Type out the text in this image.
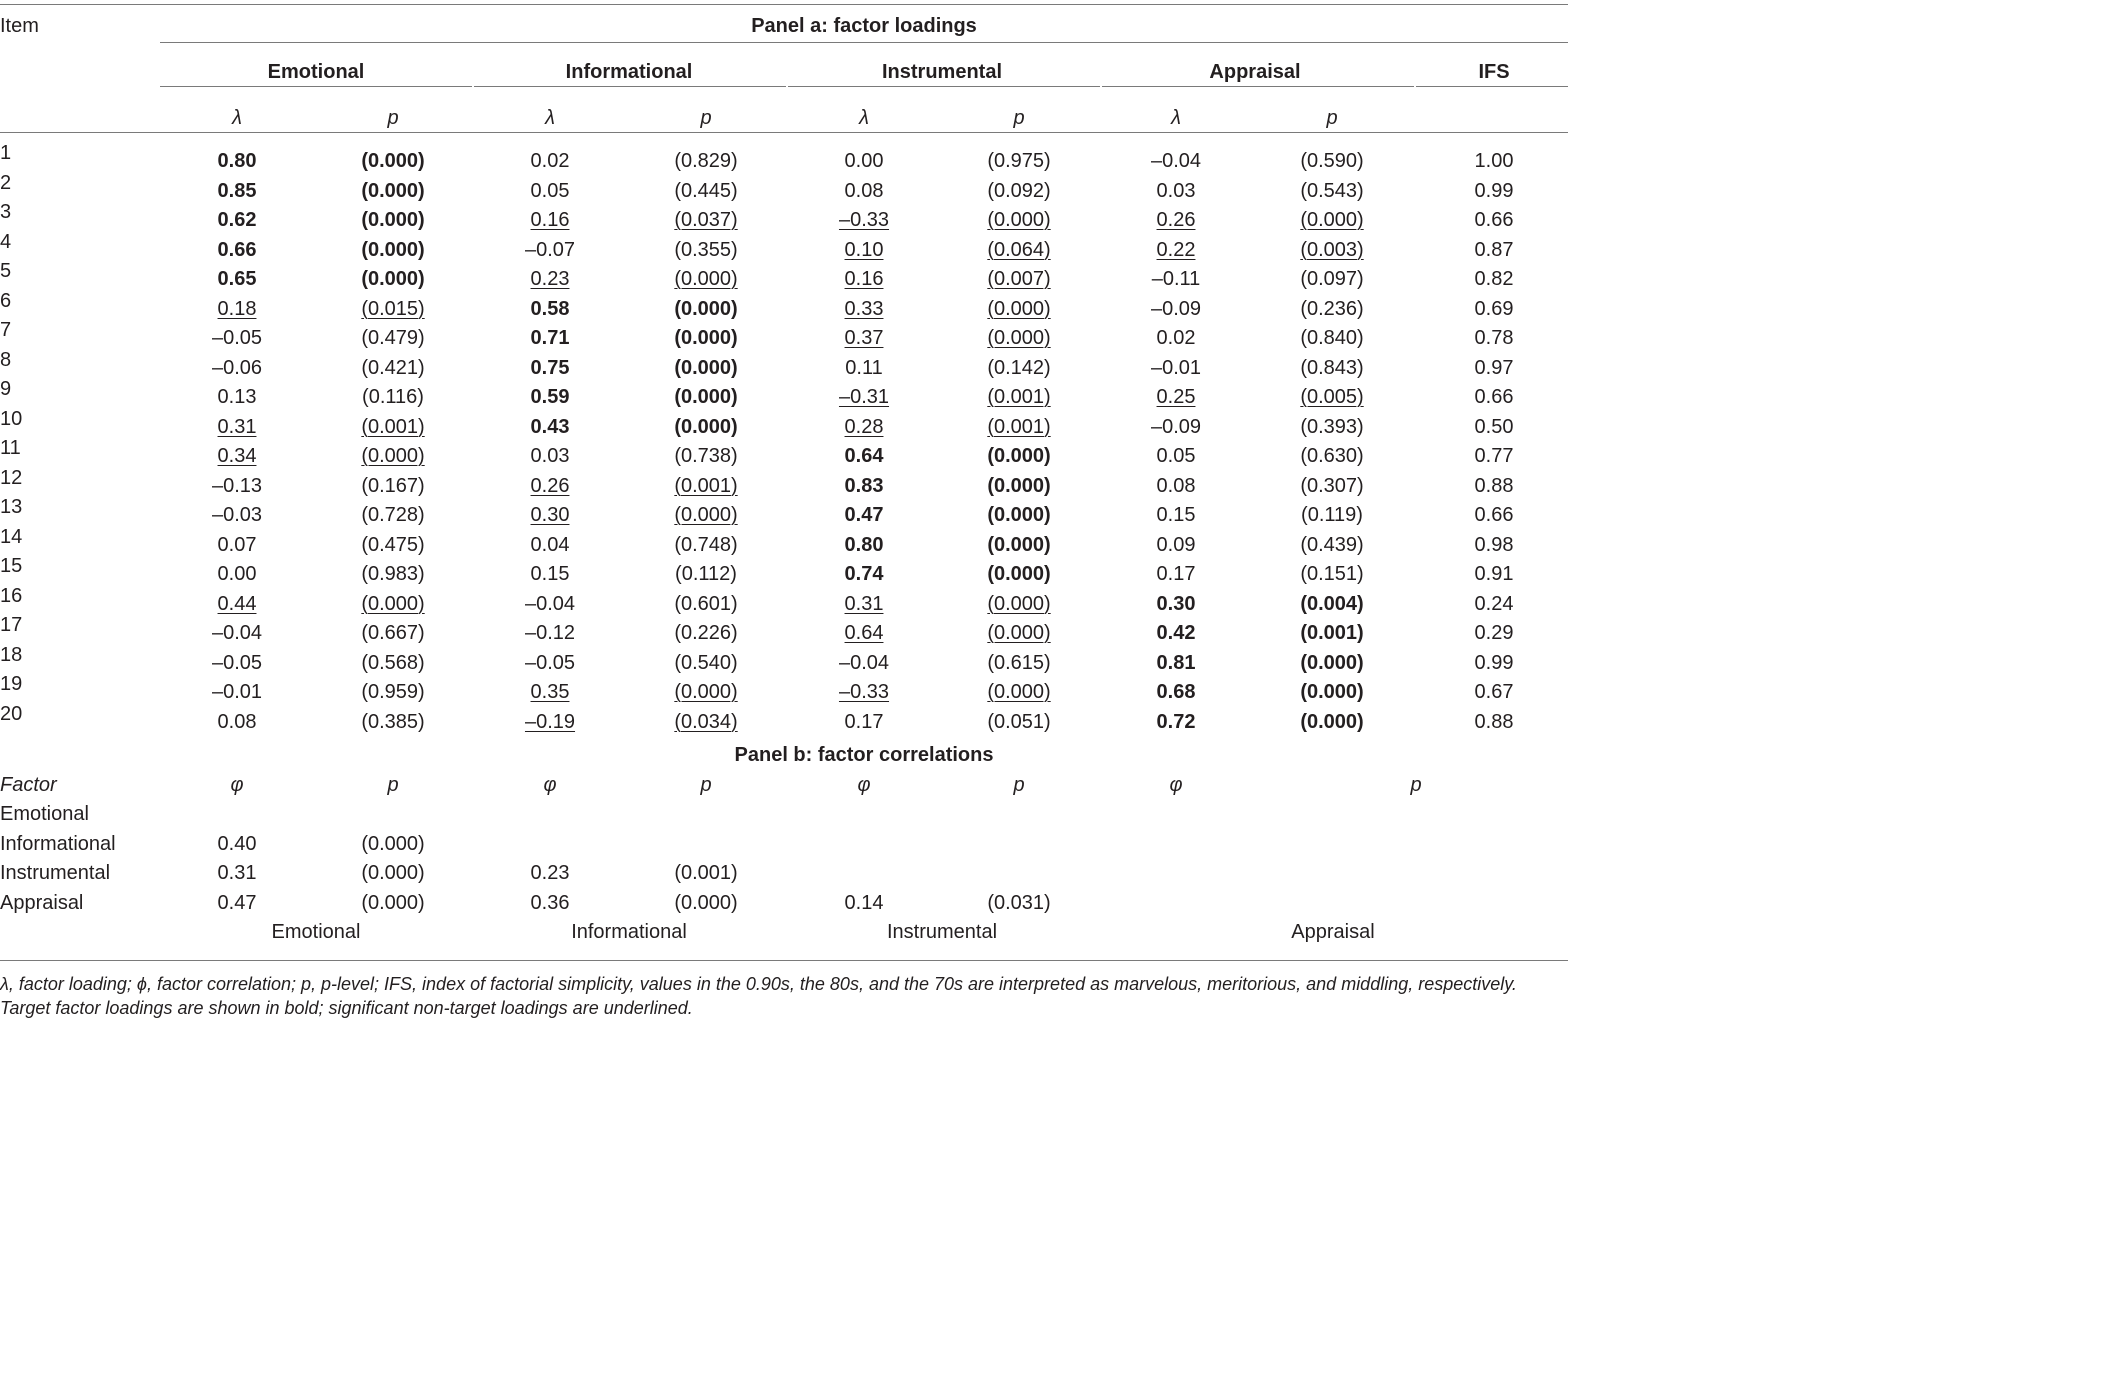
Item	Panel a: factor loadings
Emotional	Informational	Instrumental	Appraisal	IFS
λ	p	λ	p	λ	p	λ	p
1	0.80	(0.000)	0.02	(0.829)	0.00	(0.975)	–0.04	(0.590)	1.00
2	0.85	(0.000)	0.05	(0.445)	0.08	(0.092)	0.03	(0.543)	0.99
3	0.62	(0.000)	0.16	(0.037)	–0.33	(0.000)	0.26	(0.000)	0.66
4	0.66	(0.000)	–0.07	(0.355)	0.10	(0.064)	0.22	(0.003)	0.87
5	0.65	(0.000)	0.23	(0.000)	0.16	(0.007)	–0.11	(0.097)	0.82
6	0.18	(0.015)	0.58	(0.000)	0.33	(0.000)	–0.09	(0.236)	0.69
7	–0.05	(0.479)	0.71	(0.000)	0.37	(0.000)	0.02	(0.840)	0.78
8	–0.06	(0.421)	0.75	(0.000)	0.11	(0.142)	–0.01	(0.843)	0.97
9	0.13	(0.116)	0.59	(0.000)	–0.31	(0.001)	0.25	(0.005)	0.66
10	0.31	(0.001)	0.43	(0.000)	0.28	(0.001)	–0.09	(0.393)	0.50
11	0.34	(0.000)	0.03	(0.738)	0.64	(0.000)	0.05	(0.630)	0.77
12	–0.13	(0.167)	0.26	(0.001)	0.83	(0.000)	0.08	(0.307)	0.88
13	–0.03	(0.728)	0.30	(0.000)	0.47	(0.000)	0.15	(0.119)	0.66
14	0.07	(0.475)	0.04	(0.748)	0.80	(0.000)	0.09	(0.439)	0.98
15	0.00	(0.983)	0.15	(0.112)	0.74	(0.000)	0.17	(0.151)	0.91
16	0.44	(0.000)	–0.04	(0.601)	0.31	(0.000)	0.30	(0.004)	0.24
17	–0.04	(0.667)	–0.12	(0.226)	0.64	(0.000)	0.42	(0.001)	0.29
18	–0.05	(0.568)	–0.05	(0.540)	–0.04	(0.615)	0.81	(0.000)	0.99
19	–0.01	(0.959)	0.35	(0.000)	–0.33	(0.000)	0.68	(0.000)	0.67
20	0.08	(0.385)	–0.19	(0.034)	0.17	(0.051)	0.72	(0.000)	0.88
Panel b: factor correlations
Factor	φ	p	φ	p	φ	p	φ	p
Emotional
Informational	0.40	(0.000)
Instrumental	0.31	(0.000)	0.23	(0.001)
Appraisal	0.47	(0.000)	0.36	(0.000)	0.14	(0.031)
Emotional	Informational	Instrumental	Appraisal
λ, factor loading; ϕ, factor correlation; p, p-level; IFS, index of factorial simplicity, values in the 0.90s, the 80s, and the 70s are interpreted as marvelous, meritorious, and middling, respectively. Target factor loadings are shown in bold; significant non-target loadings are underlined.
